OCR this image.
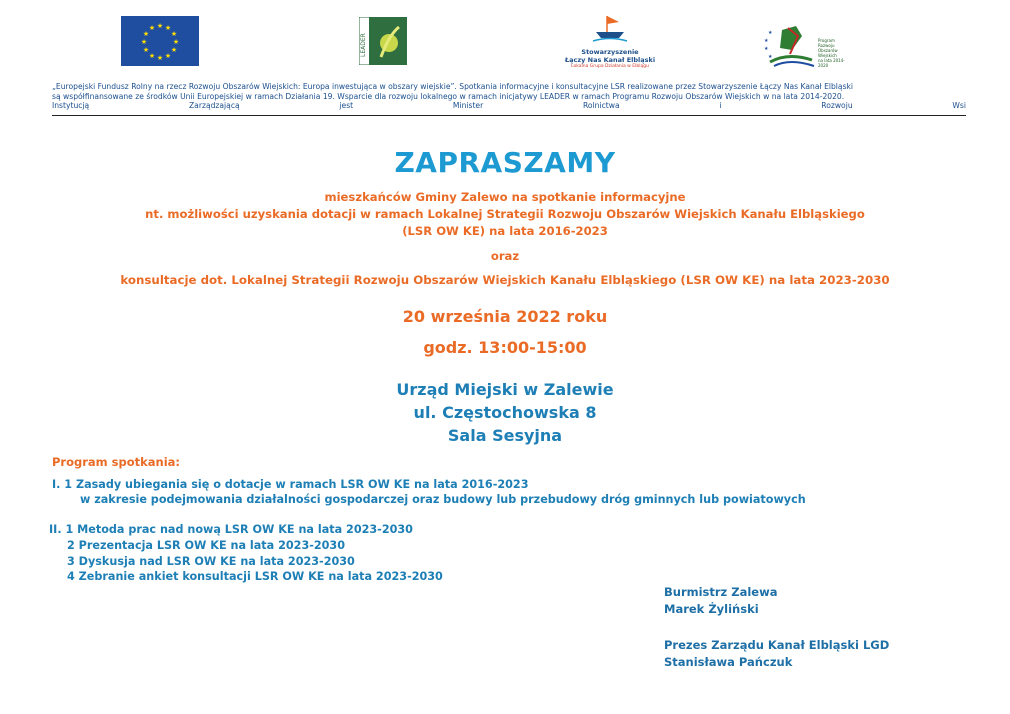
★ ★
★
★
★
★
★
★
★
★
★
★
LEADER	Stowarzyszenie
Łączy Nas Kanał Elbląski
Lokalna Grupa Działania w Elblągu
★
★
★
★
Program
Rozwoju
Obszarów
Wiejskich
na lata 2014-2020
„Europejski Fundusz Rolny na rzecz Rozwoju Obszarów Wiejskich: Europa inwestująca w obszary wiejskie”. Spotkania informacyjne i konsultacyjne LSR realizowane przez Stowarzyszenie Łączy Nas Kanał Elbląski
są współfinansowane ze środków Unii Europejskiej w ramach Działania 19. Wsparcie dla rozwoju lokalnego w ramach inicjatywy LEADER w ramach Programu Rozwoju Obszarów Wiejskich w na lata 2014-2020.
Instytucją	Zarządzającą	jest	Minister	Rolnictwa	i	Rozwoju	Wsi
ZAPRASZAMY
mieszkańców Gminy Zalewo na spotkanie informacyjne
nt. możliwości uzyskania dotacji w ramach Lokalnej Strategii Rozwoju Obszarów Wiejskich Kanału Elbląskiego
(LSR OW KE) na lata 2016-2023
oraz
konsultacje dot. Lokalnej Strategii Rozwoju Obszarów Wiejskich Kanału Elbląskiego (LSR OW KE) na lata 2023-2030
20 września 2022 roku
godz. 13:00-15:00
Urząd Miejski w Zalewie
ul. Częstochowska 8
Sala Sesyjna
Program spotkania:
I. 1 Zasady ubiegania się o dotacje w ramach LSR OW KE na lata 2016-2023
w zakresie podejmowania działalności gospodarczej oraz budowy lub przebudowy dróg gminnych lub powiatowych
II. 1 Metoda prac nad nową LSR OW KE na lata 2023-2030
2 Prezentacja LSR OW KE na lata 2023-2030
3 Dyskusja nad LSR OW KE na lata 2023-2030
4 Zebranie ankiet konsultacji LSR OW KE na lata 2023-2030
Burmistrz Zalewa
Marek Żyliński
Prezes Zarządu Kanał Elbląski LGD
Stanisława Pańczuk
